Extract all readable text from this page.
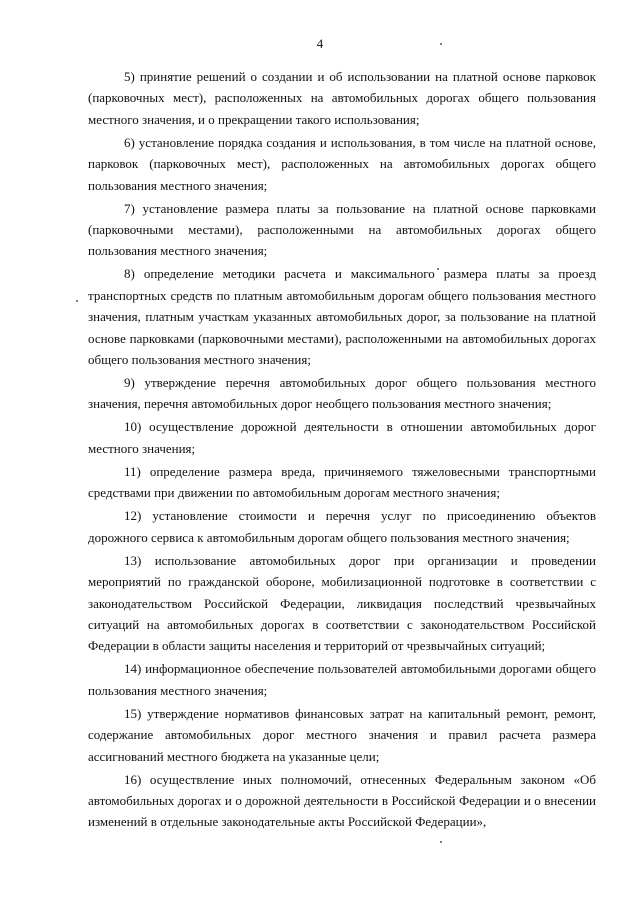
4

5) принятие решений о создании и об использовании на платной основе парковок (парковочных мест), расположенных на автомобильных дорогах общего пользования местного значения, и о прекращении такого использования;

6) установление порядка создания и использования, в том числе на платной основе, парковок (парковочных мест), расположенных на автомобильных дорогах общего пользования местного значения;

7) установление размера платы за пользование на платной основе парковками (парковочными местами), расположенными на автомобильных дорогах общего пользования местного значения;

8) определение методики расчета и максимального размера платы за проезд транспортных средств по платным автомобильным дорогам общего пользования местного значения, платным участкам указанных автомобильных дорог, за пользование на платной основе парковками (парковочными местами), расположенными на автомобильных дорогах общего пользования местного значения;

9) утверждение перечня автомобильных дорог общего пользования местного значения, перечня автомобильных дорог необщего пользования местного значения;

10) осуществление дорожной деятельности в отношении автомобильных дорог местного значения;

11) определение размера вреда, причиняемого тяжеловесными транспортными средствами при движении по автомобильным дорогам местного значения;

12) установление стоимости и перечня услуг по присоединению объектов дорожного сервиса к автомобильным дорогам общего пользования местного значения;

13) использование автомобильных дорог при организации и проведении мероприятий по гражданской обороне, мобилизационной подготовке в соответствии с законодательством Российской Федерации, ликвидация последствий чрезвычайных ситуаций на автомобильных дорогах в соответствии с законодательством Российской Федерации в области защиты населения и территорий от чрезвычайных ситуаций;

14) информационное обеспечение пользователей автомобильными дорогами общего пользования местного значения;

15) утверждение нормативов финансовых затрат на капитальный ремонт, ремонт, содержание автомобильных дорог местного значения и правил расчета размера ассигнований местного бюджета на указанные цели;

16) осуществление иных полномочий, отнесенных Федеральным законом «Об автомобильных дорогах и о дорожной деятельности в Российской Федерации и о внесении изменений в отдельные законодательные акты Российской Федерации»,
